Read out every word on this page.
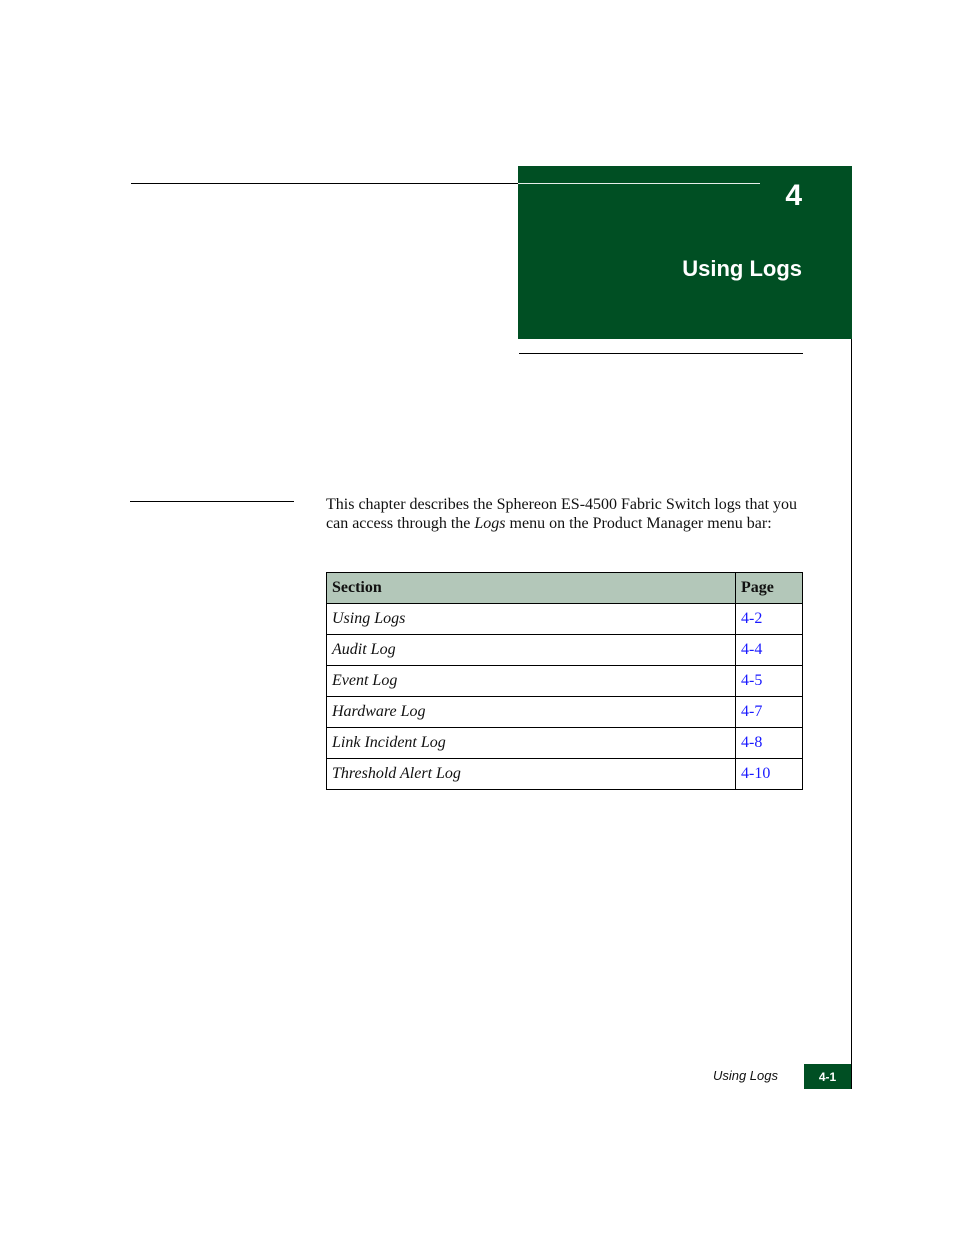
4
Using Logs

This chapter describes the Sphereon ES-4500 Fabric Switch logs that you can access through the Logs menu on the Product Manager menu bar:

Section	Page
Using Logs	4-2
Audit Log	4-4
Event Log	4-5
Hardware Log	4-7
Link Incident Log	4-8
Threshold Alert Log	4-10
Using Logs	4-1
